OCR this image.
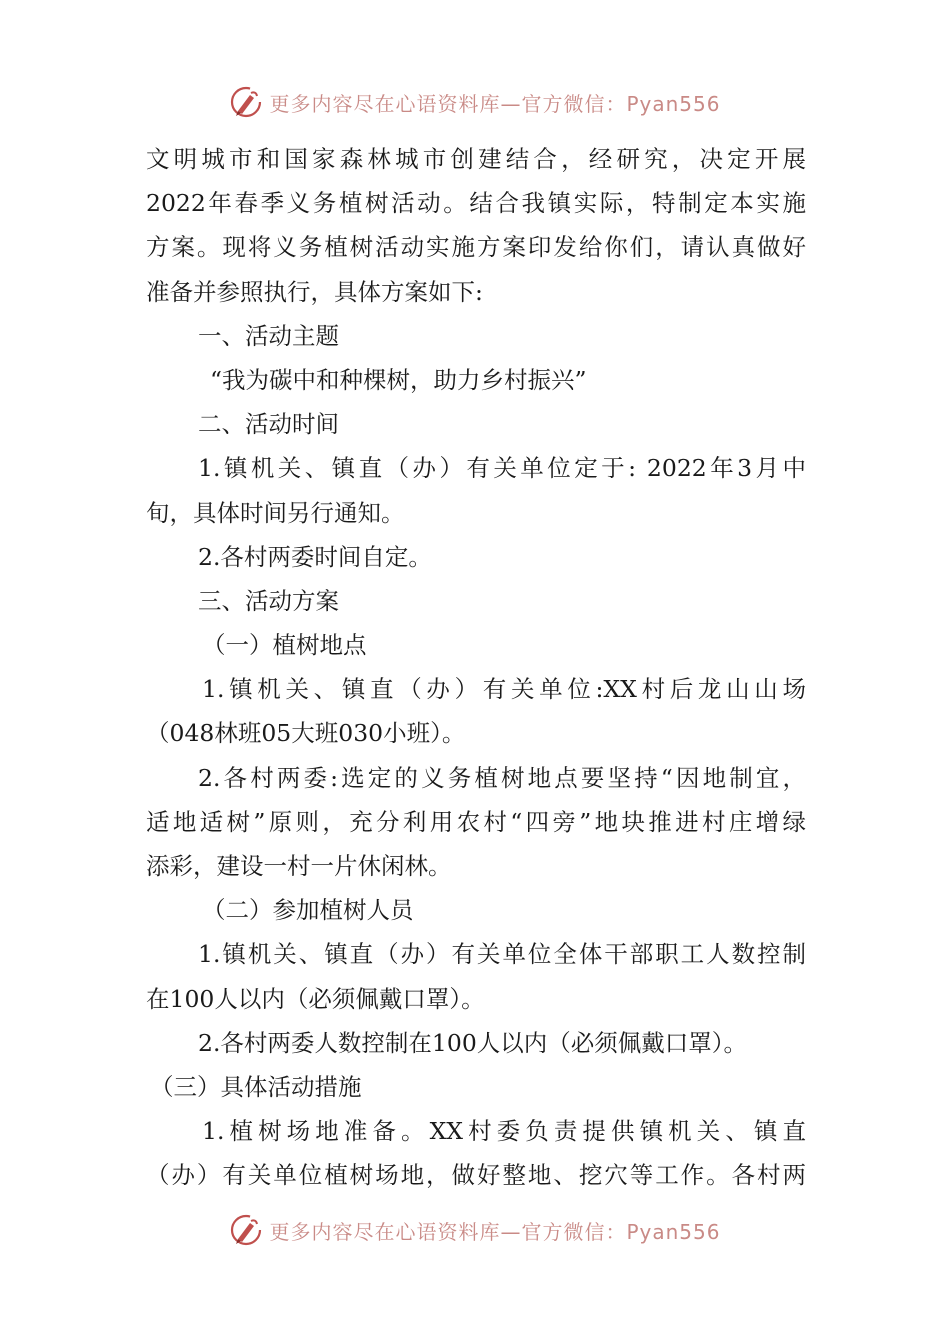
更多内容尽在心语资料库—官方微信：Pyan556
文明城市和国家森林城市创建结合，经研究，决定开展
2022年春季义务植树活动。结合我镇实际，特制定本实施
方案。现将义务植树活动实施方案印发给你们，请认真做好
准备并参照执行，具体方案如下:
一、活动主题
“我为碳中和种棵树，助力乡村振兴”
二、活动时间
1.镇机关、镇直（办）有关单位定于: 2022年3月中
旬，具体时间另行通知。
2.各村两委时间自定。
三、活动方案
（一）植树地点
1.镇机关、镇直（办）有关单位:XX村后龙山山场
（048林班05大班030小班）。
2.各村两委:选定的义务植树地点要坚持“因地制宜，
适地适树”原则，充分利用农村“四旁”地块推进村庄增绿
添彩，建设一村一片休闲林。
（二）参加植树人员
1.镇机关、镇直（办）有关单位全体干部职工人数控制
在100人以内（必须佩戴口罩）。
2.各村两委人数控制在100人以内（必须佩戴口罩）。
（三）具体活动措施
1.植树场地准备。XX村委负责提供镇机关、镇直
（办）有关单位植树场地，做好整地、挖穴等工作。各村两
更多内容尽在心语资料库—官方微信：Pyan556
